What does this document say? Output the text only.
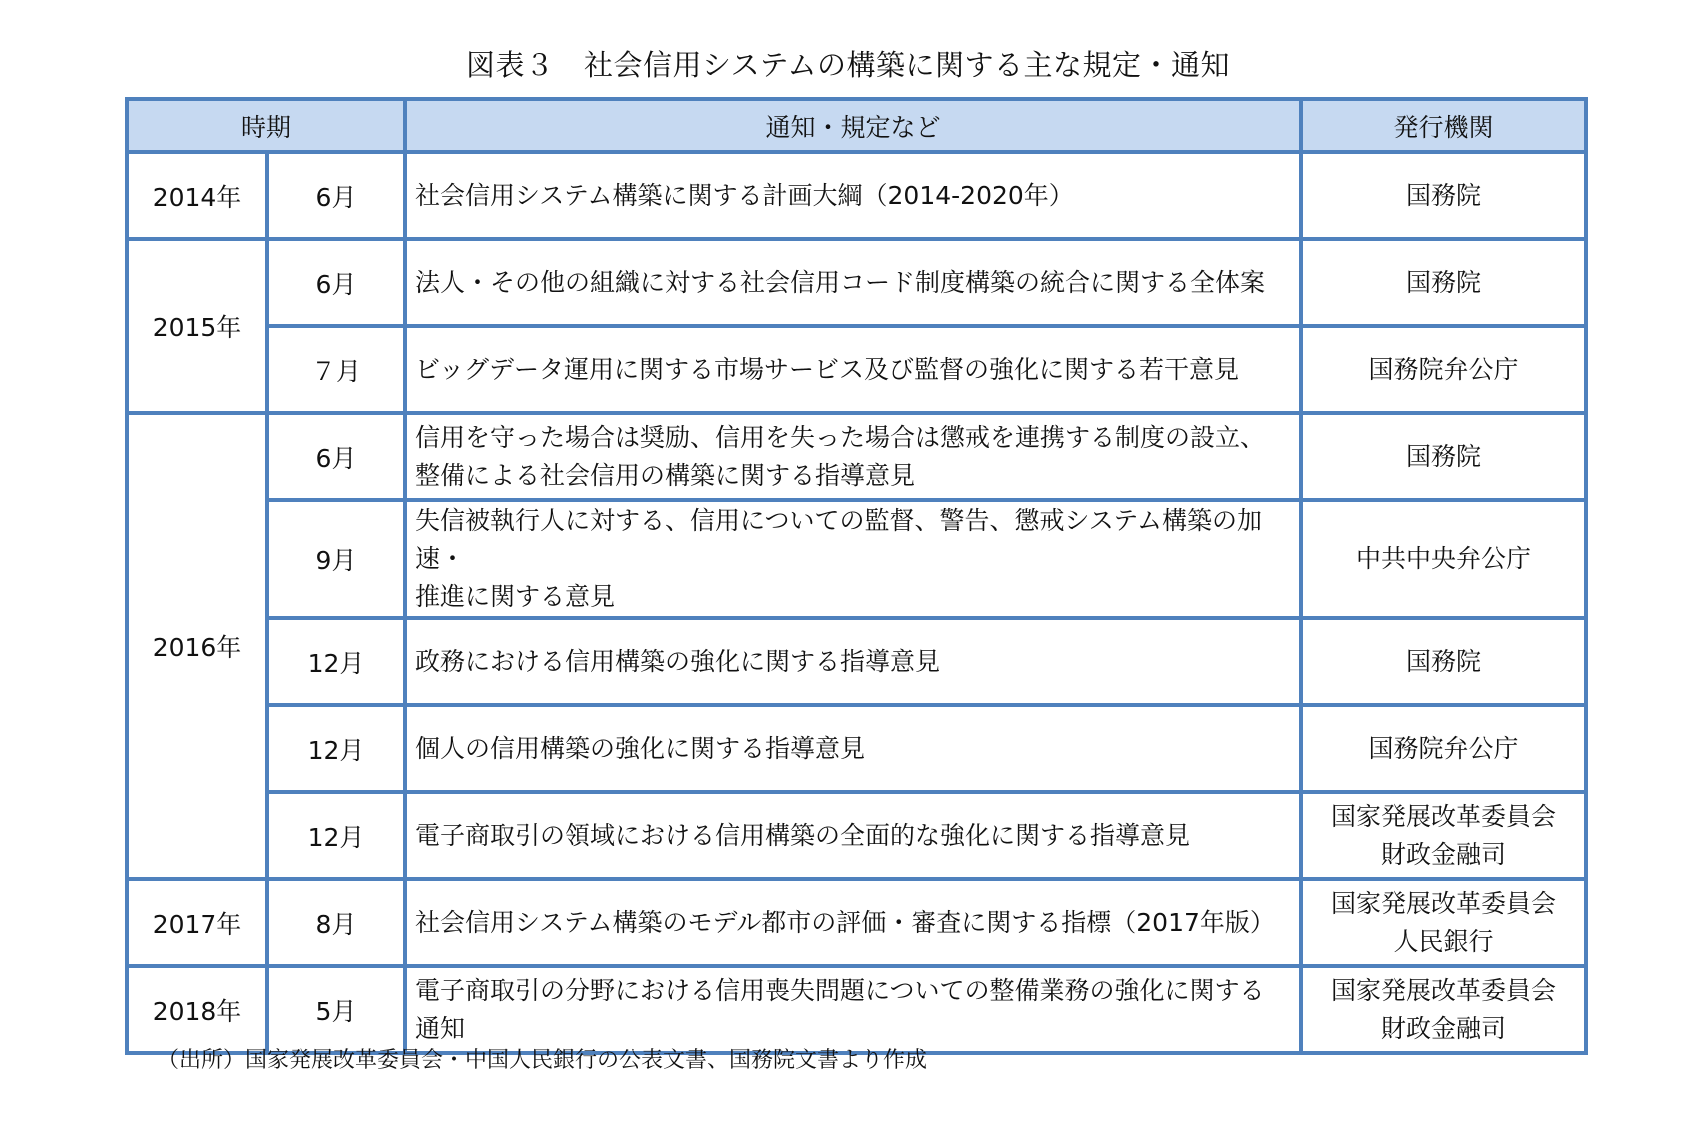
図表３　社会信用システムの構築に関する主な規定・通知
時期		通知・規定など	発行機関
2014年	6月	社会信用システム構築に関する計画大綱（2014-2020年）	国務院

2015年	6月	法人・その他の組織に対する社会信用コード制度構築の統合に関する全体案	国務院

	７月	ビッグデータ運用に関する市場サービス及び監督の強化に関する若干意見	国務院弁公庁

2016年	6月	信用を守った場合は奨励、信用を失った場合は懲戒を連携する制度の設立、
整備による社会信用の構築に関する指導意見	国務院

	9月	失信被執行人に対する、信用についての監督、警告、懲戒システム構築の加速・
推進に関する意見	中共中央弁公庁

	12月	政務における信用構築の強化に関する指導意見	国務院

	12月	個人の信用構築の強化に関する指導意見	国務院弁公庁

	12月	電子商取引の領域における信用構築の全面的な強化に関する指導意見	国家発展改革委員会
財政金融司

2017年	8月	社会信用システム構築のモデル都市の評価・審査に関する指標（2017年版）	国家発展改革委員会
人民銀行

2018年	5月	電子商取引の分野における信用喪失問題についての整備業務の強化に関する
通知	国家発展改革委員会
財政金融司
（出所）国家発展改革委員会・中国人民銀行の公表文書、国務院文書より作成
